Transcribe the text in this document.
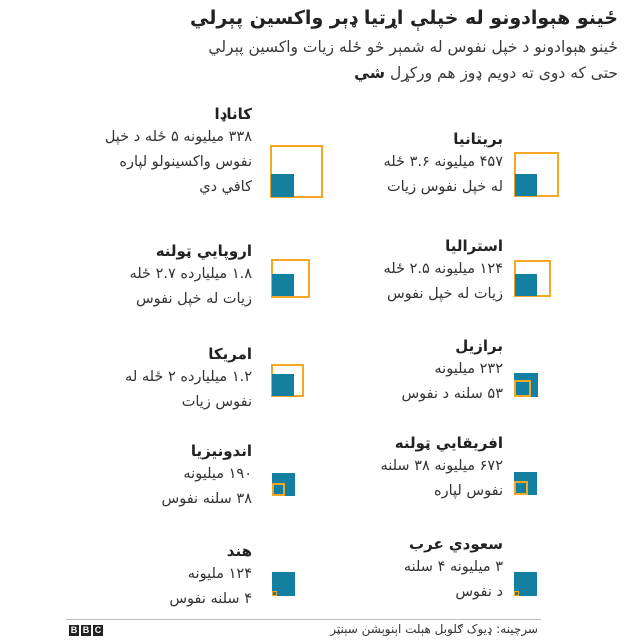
ځینو هېوادونو له خپلې اړتیا ډېر واکسین پېرلي
ځینو هېوادونو د خپل نفوس له شمېر څو ځله زیات واکسین پېرلي
حتی که دوی ته دویم ډوز هم ورکړل شي
کاناډا
۳۳۸ میلیونه ۵ ځله د خپل
نفوس واکسینولو لپاره
کافي دي
بریتانیا
۴۵۷ میلیونه ۳.۶ ځله
له خپل نفوس زیات
اروپايي ټولنه
۱.۸ میلیارده ۲.۷ ځله
زیات له خپل نفوس
استرالیا
۱۲۴ میلیونه ۲.۵ ځله
زیات له خپل نفوس
امریکا
۱.۲ میلیارده ۲ ځله له
نفوس زیات
برازیل
۲۳۲ میلیونه
۵۳ سلنه د نفوس
اندونیزیا
۱۹۰ میلیونه
۳۸ سلنه نفوس
افریقايي ټولنه
۶۷۲ میلیونه ۳۸ سلنه
نفوس لپاره
هند
۱۲۴ ملیونه
۴ سلنه نفوس
سعودي عرب
۳ میلیونه ۴ سلنه
د نفوس
B B C	سرچینه: ډیوک ګلوبل هېلت اېنوېشن سېنټر
